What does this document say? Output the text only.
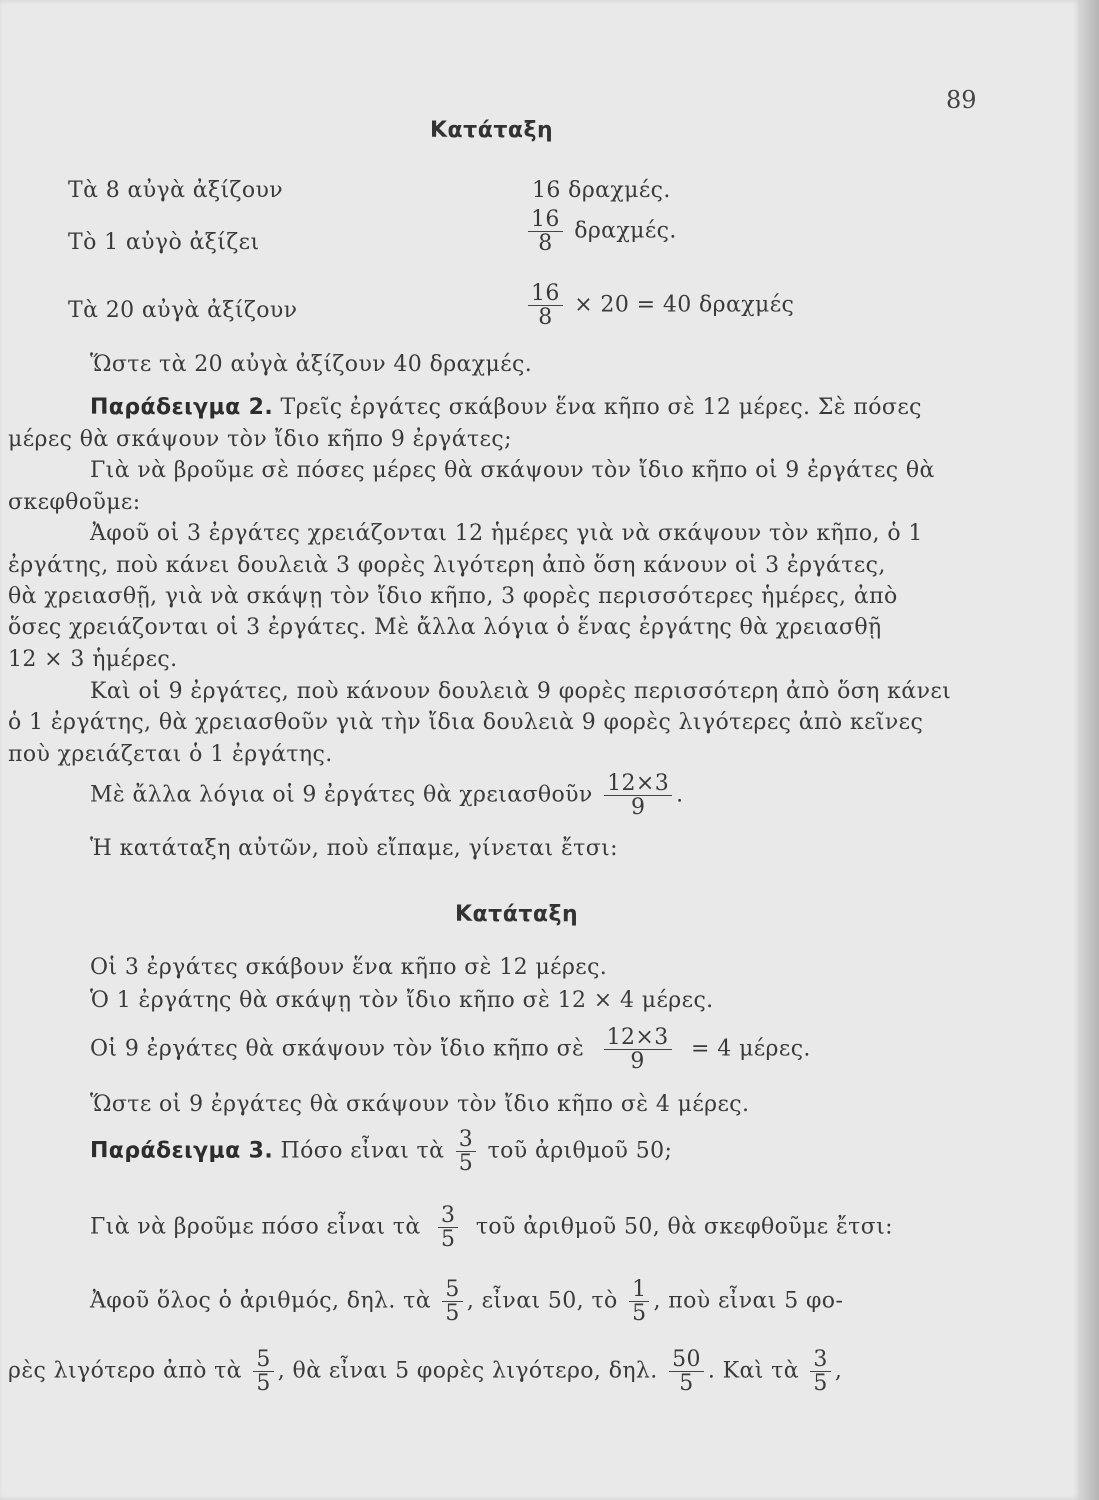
89
Κατάταξη
Τὰ 8 αὐγὰ ἀξίζουν	16 δραχμές.
Τὸ 1 αὐγὸ ἀξίζει	$\frac{16}{8} \delta\rho\alpha\chi\mu έ\varsigma$.
Τὰ 20 αὐγὰ ἀξίζουν	$\frac{16}{8} \times 20 = 40$ δραχμές
Ὥστε τὰ 20 αὐγὰ ἀξίζουν 40 δραχμές.
Παράδειγμα 2. Τρεῖς ἐργάτες σκάβουν ἕνα κῆπο σὲ 12 μέρες. Σὲ πόσες
μέρες θὰ σκάψουν τὸν ἴδιο κῆπο 9 ἐργάτες;
Γιὰ νὰ βροῦμε σὲ πόσες μέρες θὰ σκάψουν τὸν ἴδιο κῆπο οἱ 9 ἐργάτες θὰ
σκεφθοῦμε:
Ἀφοῦ οἱ 3 ἐργάτες χρειάζονται 12 ἡμέρες γιὰ νὰ σκάψουν τὸν κῆπο, ὁ 1
ἐργάτης, ποὺ κάνει δουλειὰ 3 φορὲς λιγότερη ἀπὸ ὅση κάνουν οἱ 3 ἐργάτες,
θὰ χρειασθῇ, γιὰ νὰ σκάψῃ τὸν ἴδιο κῆπο, 3 φορὲς περισσότερες ἡμέρες, ἀπὸ
ὅσες χρειάζονται οἱ 3 ἐργάτες. Μὲ ἄλλα λόγια ὁ ἕνας ἐργάτης θὰ χρειασθῇ
12 × 3 ἡμέρες.
Καὶ οἱ 9 ἐργάτες, ποὺ κάνουν δουλειὰ 9 φορὲς περισσότερη ἀπὸ ὅση κάνει
ὁ 1 ἐργάτης, θὰ χρειασθοῦν γιὰ τὴν ἴδια δουλειὰ 9 φορὲς λιγότερες ἀπὸ κεῖνες
ποὺ χρειάζεται ὁ 1 ἐργάτης.
Μὲ ἄλλα λόγια οἱ 9 ἐργάτες θὰ χρειασθοῦν $\frac{12\times 3}{9}$ .
Ἡ κατάταξη αὐτῶν, ποὺ εἴπαμε, γίνεται ἔτσι:
Κατάταξη
Οἱ 3 ἐργάτες σκάβουν ἕνα κῆπο σὲ 12 μέρες.
Ὁ 1 ἐργάτης θὰ σκάψῃ τὸν ἴδιο κῆπο σὲ 12 × 4 μέρες.
Οἱ 9 ἐργάτες θὰ σκάψουν τὸν ἴδιο κῆπο σὲ $\frac{12\times 3}{9} = 4$ μέρες.
Ὥστε οἱ 9 ἐργάτες θὰ σκάψουν τὸν ἴδιο κῆπο σὲ 4 μέρες.
Παράδειγμα 3. Πόσο εἶναι τὰ $\frac{3}{5}$ τοῦ ἀριθμοῦ 50;
Γιὰ νὰ βροῦμε πόσο εἶναι τὰ $\frac{3}{5}$ τοῦ ἀριθμοῦ 50, θὰ σκεφθοῦμε ἔτσι:
Ἀφοῦ ὅλος ὁ ἀριθμός, δηλ. τὰ $\frac{5}{5}$ , εἶναι 50, τὸ $\frac{1}{5}$ , ποὺ εἶναι 5 φο-
ρὲς λιγότερο ἀπὸ τὰ $\frac{5}{5}$ , θὰ εἶναι 5 φορὲς λιγότερο, δηλ. $\frac{50}{5}$ . Καὶ τὰ $\frac{3}{5}$ ,
